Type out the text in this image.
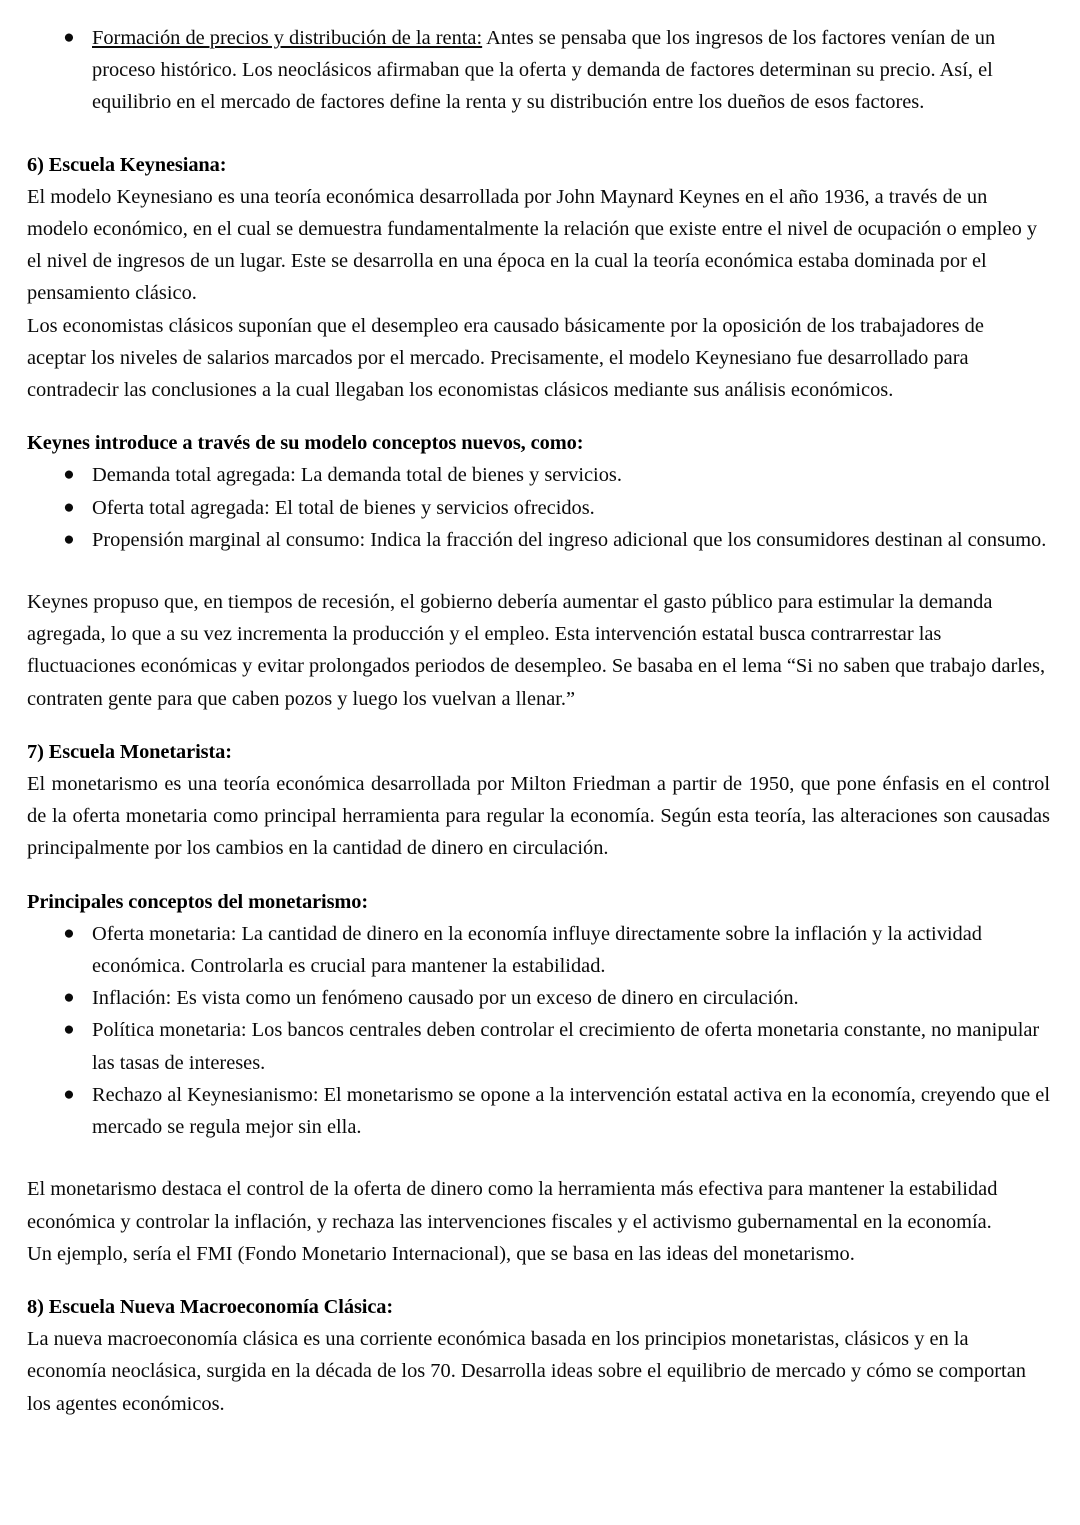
● Formación de precios y distribución de la renta: Antes se pensaba que los ingresos de los factores venían de un proceso histórico. Los neoclásicos afirmaban que la oferta y demanda de factores determinan su precio. Así, el equilibrio en el mercado de factores define la renta y su distribución entre los dueños de esos factores.
6) Escuela Keynesiana:

El modelo Keynesiano es una teoría económica desarrollada por John Maynard Keynes en el año 1936, a través de un modelo económico, en el cual se demuestra fundamentalmente la relación que existe entre el nivel de ocupación o empleo y el nivel de ingresos de un lugar. Este se desarrolla en una época en la cual la teoría económica estaba dominada por el pensamiento clásico.

Los economistas clásicos suponían que el desempleo era causado básicamente por la oposición de los trabajadores de aceptar los niveles de salarios marcados por el mercado. Precisamente, el modelo Keynesiano fue desarrollado para contradecir las conclusiones a la cual llegaban los economistas clásicos mediante sus análisis económicos.

Keynes introduce a través de su modelo conceptos nuevos, como:
● Demanda total agregada: La demanda total de bienes y servicios.
● Oferta total agregada: El total de bienes y servicios ofrecidos.
● Propensión marginal al consumo: Indica la fracción del ingreso adicional que los consumidores destinan al consumo.

Keynes propuso que, en tiempos de recesión, el gobierno debería aumentar el gasto público para estimular la demanda agregada, lo que a su vez incrementa la producción y el empleo. Esta intervención estatal busca contrarrestar las fluctuaciones económicas y evitar prolongados periodos de desempleo. Se basaba en el lema “Si no saben que trabajo darles, contraten gente para que caben pozos y luego los vuelvan a llenar.”

7) Escuela Monetarista:

El monetarismo es una teoría económica desarrollada por Milton Friedman a partir de 1950, que pone énfasis en el control de la oferta monetaria como principal herramienta para regular la economía. Según esta teoría, las alteraciones son causadas principalmente por los cambios en la cantidad de dinero en circulación.

Principales conceptos del monetarismo:
● Oferta monetaria: La cantidad de dinero en la economía influye directamente sobre la inflación y la actividad económica. Controlarla es crucial para mantener la estabilidad.
● Inflación: Es vista como un fenómeno causado por un exceso de dinero en circulación.
● Política monetaria: Los bancos centrales deben controlar el crecimiento de oferta monetaria constante, no manipular las tasas de intereses.
● Rechazo al Keynesianismo: El monetarismo se opone a la intervención estatal activa en la economía, creyendo que el mercado se regula mejor sin ella.

El monetarismo destaca el control de la oferta de dinero como la herramienta más efectiva para mantener la estabilidad económica y controlar la inflación, y rechaza las intervenciones fiscales y el activismo gubernamental en la economía.

Un ejemplo, sería el FMI (Fondo Monetario Internacional), que se basa en las ideas del monetarismo.

8) Escuela Nueva Macroeconomía Clásica:

La nueva macroeconomía clásica es una corriente económica basada en los principios monetaristas, clásicos y en la economía neoclásica, surgida en la década de los 70. Desarrolla ideas sobre el equilibrio de mercado y cómo se comportan los agentes económicos.
